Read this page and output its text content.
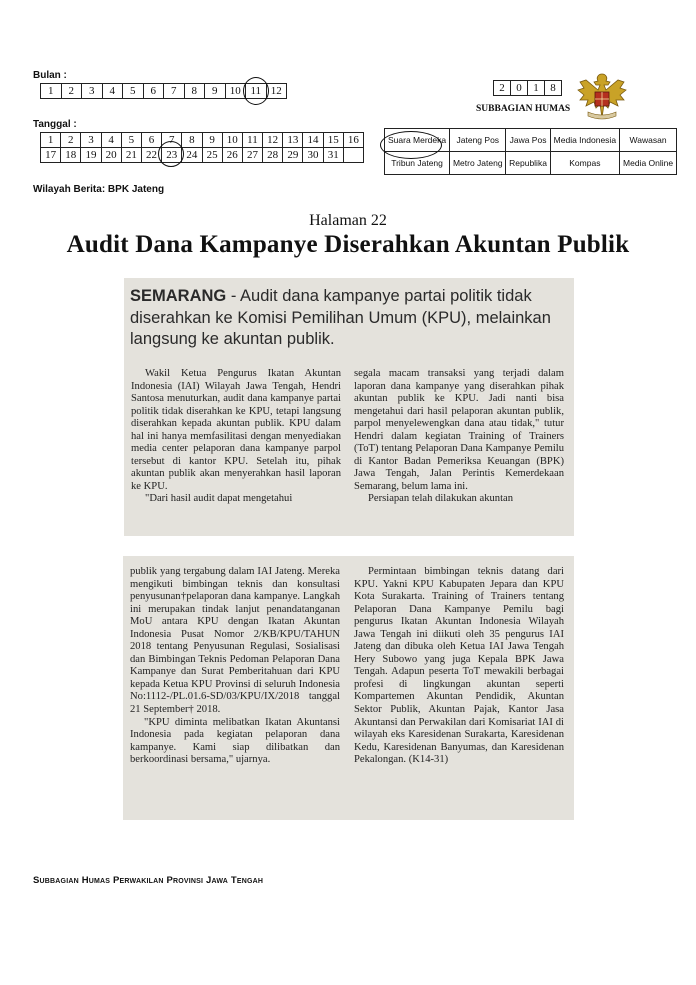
Bulan :
1	2	3	4	5	6	7	8	9	10	11	12
Tanggal :
1	2	3	4	5	6	7	8	9	10	11	12	13	14	15	16
17	18	19	20	21	22	23	24	25	26	27	28	29	30	31	
Wilayah Berita: BPK Jateng
2	0	1	8
SUBBAGIAN HUMAS
Suara Merdeka	Jateng Pos	Jawa Pos	Media Indonesia	Wawasan
Tribun Jateng	Metro Jateng	Republika	Kompas	Media Online
Halaman 22
Audit Dana Kampanye Diserahkan Akuntan Publik
SEMARANG - Audit dana kampanye partai politik tidak diserahkan ke Komisi Pemilihan Umum (KPU), melainkan langsung ke akuntan publik.

Wakil Ketua Pengurus Ikatan Akuntan Indonesia (IAI) Wilayah Jawa Tengah, Hendri Santosa menuturkan, audit dana kampanye partai politik tidak diserahkan ke KPU, tetapi langsung diserahkan kepada akuntan publik. KPU dalam hal ini hanya memfasilitasi dengan menyediakan media center pelaporan dana kampanye parpol tersebut di kantor KPU. Setelah itu, pihak akuntan publik akan menyerahkan hasil laporan ke KPU.

"Dari hasil audit dapat mengetahui

segala macam transaksi yang terjadi dalam laporan dana kampanye yang diserahkan pihak akuntan publik ke KPU. Jadi nanti bisa mengetahui dari hasil pelaporan akuntan publik, parpol menyelewengkan dana atau tidak," tutur Hendri dalam kegiatan Training of Trainers (ToT) tentang Pelaporan Dana Kampanye Pemilu di Kantor Badan Pemeriksa Keuangan (BPK) Jawa Tengah, Jalan Perintis Kemerdekaan Semarang, belum lama ini.

Persiapan telah dilakukan akuntan

publik yang tergabung dalam IAI Jateng. Mereka mengikuti bimbingan teknis dan konsultasi penyusunan†pelaporan dana kampanye. Langkah ini merupakan tindak lanjut penandatanganan MoU antara KPU dengan Ikatan Akuntan Indonesia Pusat Nomor 2/KB/KPU/TAHUN 2018 tentang Penyusunan Regulasi, Sosialisasi dan Bimbingan Teknis Pedoman Pelaporan Dana Kampanye dan Surat Pemberitahuan dari KPU kepada Ketua KPU Provinsi di seluruh Indonesia No:1112-/PL.01.6-SD/03/KPU/IX/2018 tanggal 21 September† 2018.

"KPU diminta melibatkan Ikatan Akuntansi Indonesia pada kegiatan pelaporan dana kampanye. Kami siap dilibatkan dan berkoordinasi bersama," ujarnya.

Permintaan bimbingan teknis datang dari KPU. Yakni KPU Kabupaten Jepara dan KPU Kota Surakarta. Training of Trainers tentang Pelaporan Dana Kampanye Pemilu bagi pengurus Ikatan Akuntan Indonesia Wilayah Jawa Tengah ini diikuti oleh 35 pengurus IAI Jateng dan dibuka oleh Ketua IAI Jawa Tengah Hery Subowo yang juga Kepala BPK Jawa Tengah. Adapun peserta ToT mewakili berbagai profesi di lingkungan akuntan seperti Kompartemen Akuntan Pendidik, Akuntan Sektor Publik, Akuntan Pajak, Kantor Jasa Akuntansi dan Perwakilan dari Komisariat IAI di wilayah eks Karesidenan Surakarta, Karesidenan Kedu, Karesidenan Banyumas, dan Karesidenan Pekalongan. (K14-31)

Subbagian Humas Perwakilan Provinsi Jawa Tengah
